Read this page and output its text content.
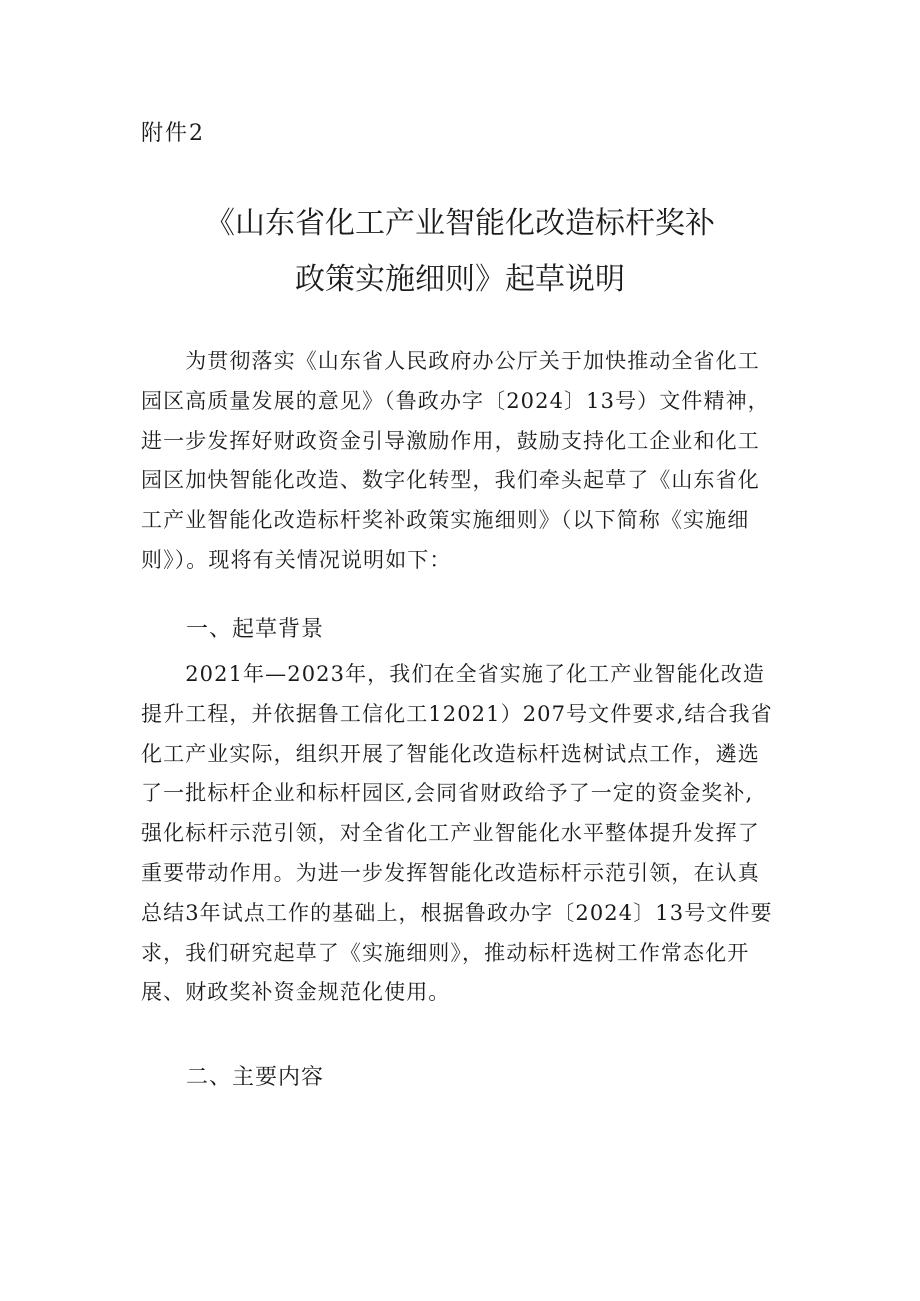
附件2
《山东省化工产业智能化改造标杆奖补
政策实施细则》起草说明
　　为贯彻落实《山东省人民政府办公厅关于加快推动全省化工
园区高质量发展的意见》（鲁政办字〔2024〕13号）文件精神，
进一步发挥好财政资金引导激励作用，鼓励支持化工企业和化工
园区加快智能化改造、数字化转型，我们牵头起草了《山东省化
工产业智能化改造标杆奖补政策实施细则》（以下简称《实施细
则》）。现将有关情况说明如下：
一、起草背景
　　2021年—2023年，我们在全省实施了化工产业智能化改造
提升工程，并依据鲁工信化工12021）207号文件要求,结合我省
化工产业实际，组织开展了智能化改造标杆选树试点工作，遴选
了一批标杆企业和标杆园区,会同省财政给予了一定的资金奖补,
强化标杆示范引领，对全省化工产业智能化水平整体提升发挥了
重要带动作用。为进一步发挥智能化改造标杆示范引领，在认真
总结3年试点工作的基础上，根据鲁政办字〔2024〕13号文件要
求，我们研究起草了《实施细则》，推动标杆选树工作常态化开
展、财政奖补资金规范化使用。
二、主要内容
